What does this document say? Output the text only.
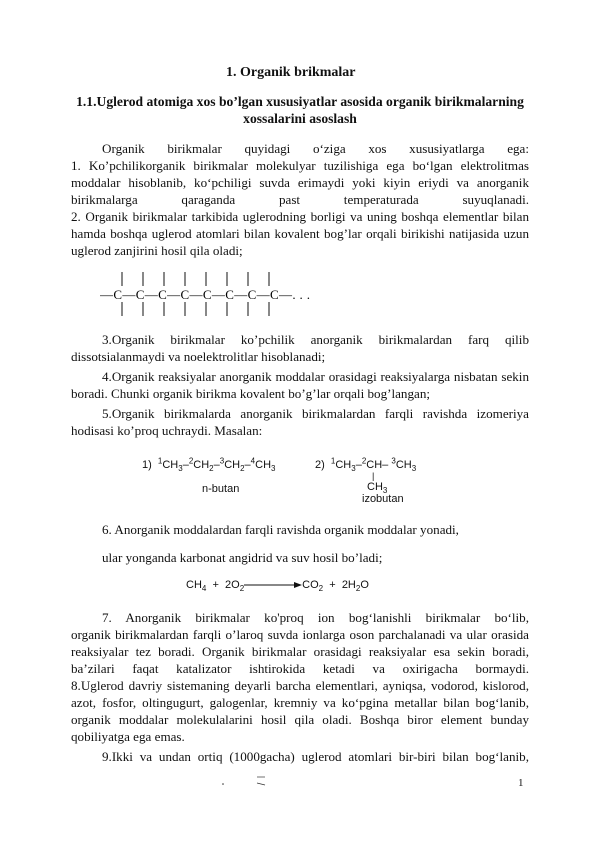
1. Organik brikmalar
1.1.Uglerod atomiga xos bo’lgan xususiyatlar asosida organik birikmalarning
xossalarini asoslash
Organik birikmalar quyidagi o‘ziga xos xususiyatlarga ega:
1. Ko’pchilikorganik birikmalar molekulyar tuzilishiga ega bo‘lgan elektrolitmas
moddalar hisoblanib, ko‘pchiligi suvda erimaydi yoki kiyin eriydi va anorganik
birikmalarga qaraganda past temperaturada suyuqlanadi.
2. Organik birikmalar tarkibida uglerodning borligi va uning boshqa elementlar bilan
hamda boshqa uglerod atomlari bilan kovalent bog’lar orqali birikishi natijasida uzun
uglerod zanjirini hosil qila oladi;
—C—C—C—C—C—C—C—C—. . .
3.Organik birikmalar ko’pchilik anorganik birikmalardan farq qilib
dissotsialanmaydi va noelektrolitlar hisoblanadi;
4.Organik reaksiyalar anorganik moddalar orasidagi reaksiyalarga nisbatan sekin
boradi. Chunki organik birikma kovalent bo’g’lar orqali bog’langan;
5.Organik birikmalarda anorganik birikmalardan farqli ravishda izomeriya
hodisasi ko’proq uchraydi. Masalan:
1) $^1CH_3-^2CH_2-^3CH_2-^4CH_3$
n-butan
2) $^1CH_3-^2CH-$ $^3CH_3$
|
$CH_3$
izobutan
6. Anorganik moddalardan farqli ravishda organik moddalar yonadi,
ular yonganda karbonat angidrid va suv hosil bo’ladi;
$CH_4 + 2O_2$	$CO_2 + 2H_2O$
7. Anorganik birikmalar ko'proq ion bog‘lanishli birikmalar bo‘lib,
organik birikmalardan farqli o’laroq suvda ionlarga oson parchalanadi va ular orasida
reaksiyalar tez boradi. Organik birikmalar orasidagi reaksiyalar esa sekin boradi,
ba’zilari faqat katalizator ishtirokida ketadi va oxirigacha bormaydi.
8.Uglerod davriy sistemaning deyarli barcha elementlari, ayniqsa, vodorod, kislorod,
azot, fosfor, oltingugurt, galogenlar, kremniy va ko‘pgina metallar bilan bog‘lanib,
organik moddalar molekulalarini hosil qila oladi. Boshqa biror element bunday
qobiliyatga ega emas.
9.Ikki va undan ortiq (1000gacha) uglerod atomlari bir-biri bilan bog‘lanib,
1
